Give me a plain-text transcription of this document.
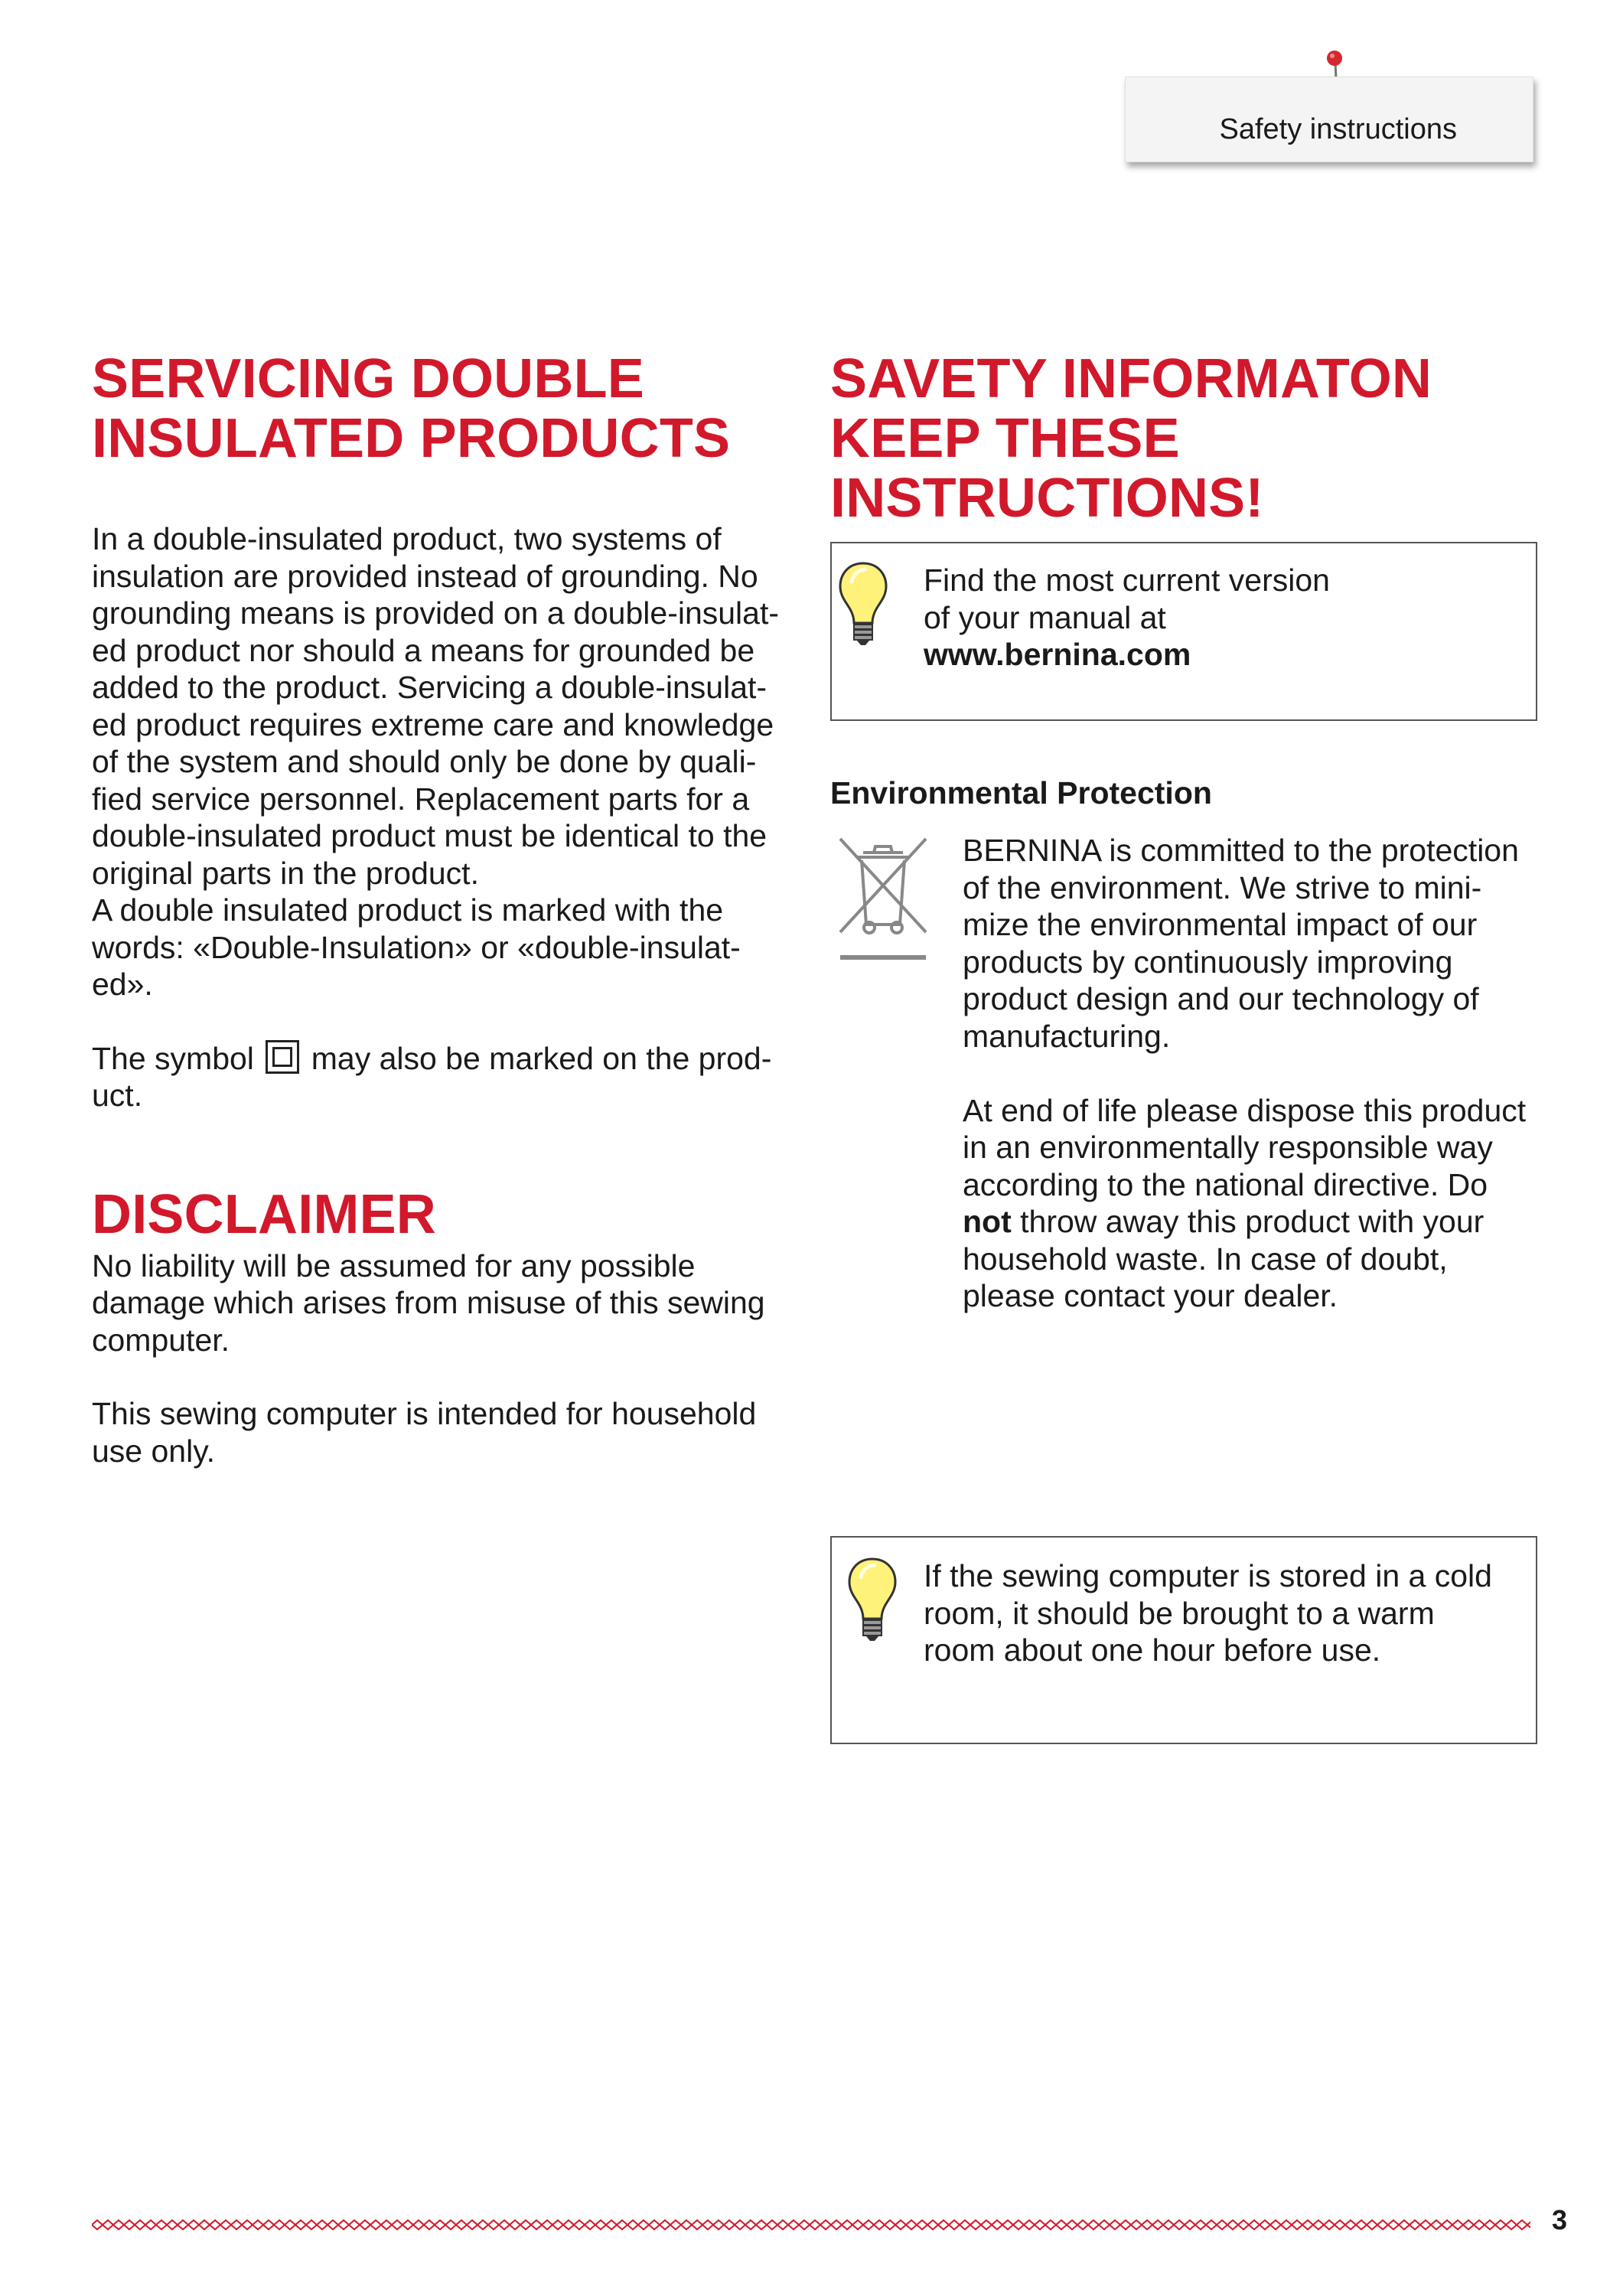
Safety instructions
SERVICING DOUBLE
INSULATED PRODUCTS
In a double-insulated product, two systems of
insulation are provided instead of grounding. No
grounding means is provided on a double-insulat-
ed product nor should a means for grounded be
added to the product. Servicing a double-insulat-
ed product requires extreme care and knowledge
of the system and should only be done by quali-
fied service personnel. Replacement parts for a
double-insulated product must be identical to the
original parts in the product.
A double insulated product is marked with the
words: «Double-Insulation» or «double-insulat-
ed».
The symbol may also be marked on the prod-
uct.
DISCLAIMER
No liability will be assumed for any possible
damage which arises from misuse of this sewing
computer.
This sewing computer is intended for household
use only.
SAVETY INFORMATON
KEEP THESE
INSTRUCTIONS!
Find the most current version
of your manual at
www.bernina.com
Environmental Protection
BERNINA is committed to the protection
of the environment. We strive to mini-
mize the environmental impact of our
products by continuously improving
product design and our technology of
manufacturing.
At end of life please dispose this product
in an environmentally responsible way
according to the national directive. Do
not throw away this product with your
household waste. In case of doubt,
please contact your dealer.
If the sewing computer is stored in a cold
room, it should be brought to a warm
room about one hour before use.
3
